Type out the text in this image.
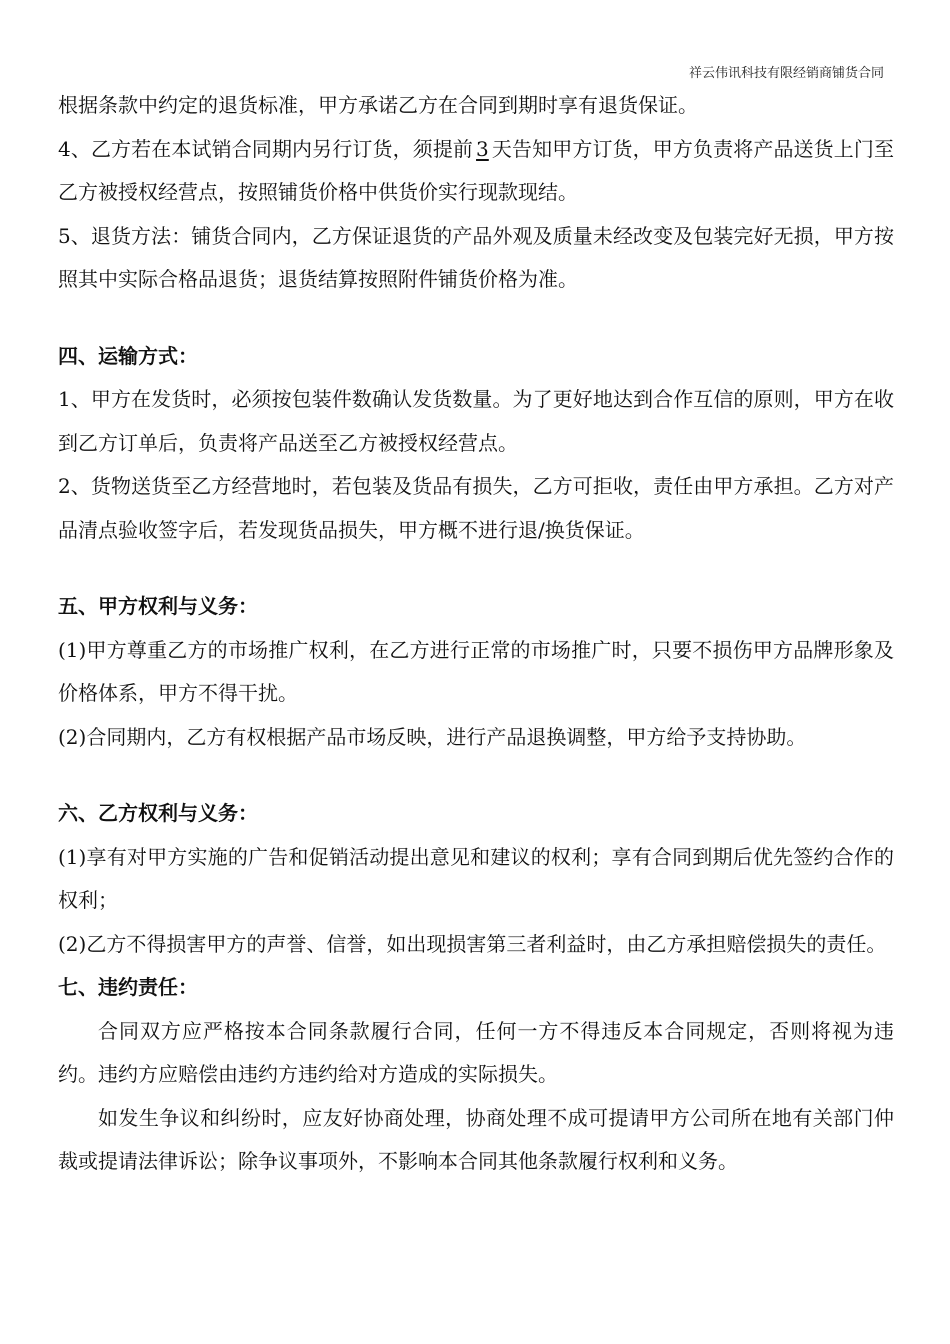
祥云伟讯科技有限经销商铺货合同

根据条款中约定的退货标准，甲方承诺乙方在合同到期时享有退货保证。

4、乙方若在本试销合同期内另行订货，须提前 3 天告知甲方订货，甲方负责将产品送货上门至乙方被授权经营点，按照铺货价格中供货价实行现款现结。

5、退货方法：铺货合同内，乙方保证退货的产品外观及质量未经改变及包装完好无损，甲方按照其中实际合格品退货；退货结算按照附件铺货价格为准。

四、运输方式：

1、甲方在发货时，必须按包装件数确认发货数量。为了更好地达到合作互信的原则，甲方在收到乙方订单后，负责将产品送至乙方被授权经营点。

2、货物送货至乙方经营地时，若包装及货品有损失，乙方可拒收，责任由甲方承担。乙方对产品清点验收签字后，若发现货品损失，甲方概不进行退/换货保证。

五、甲方权利与义务：

(1)甲方尊重乙方的市场推广权利，在乙方进行正常的市场推广时，只要不损伤甲方品牌形象及价格体系，甲方不得干扰。

(2)合同期内，乙方有权根据产品市场反映，进行产品退换调整，甲方给予支持协助。

六、乙方权利与义务：

(1)享有对甲方实施的广告和促销活动提出意见和建议的权利；享有合同到期后优先签约合作的权利；

(2)乙方不得损害甲方的声誉、信誉，如出现损害第三者利益时，由乙方承担赔偿损失的责任。

七、违约责任：

合同双方应严格按本合同条款履行合同，任何一方不得违反本合同规定，否则将视为违约。违约方应赔偿由违约方违约给对方造成的实际损失。

如发生争议和纠纷时，应友好协商处理，协商处理不成可提请甲方公司所在地有关部门仲裁或提请法律诉讼；除争议事项外，不影响本合同其他条款履行权利和义务。
